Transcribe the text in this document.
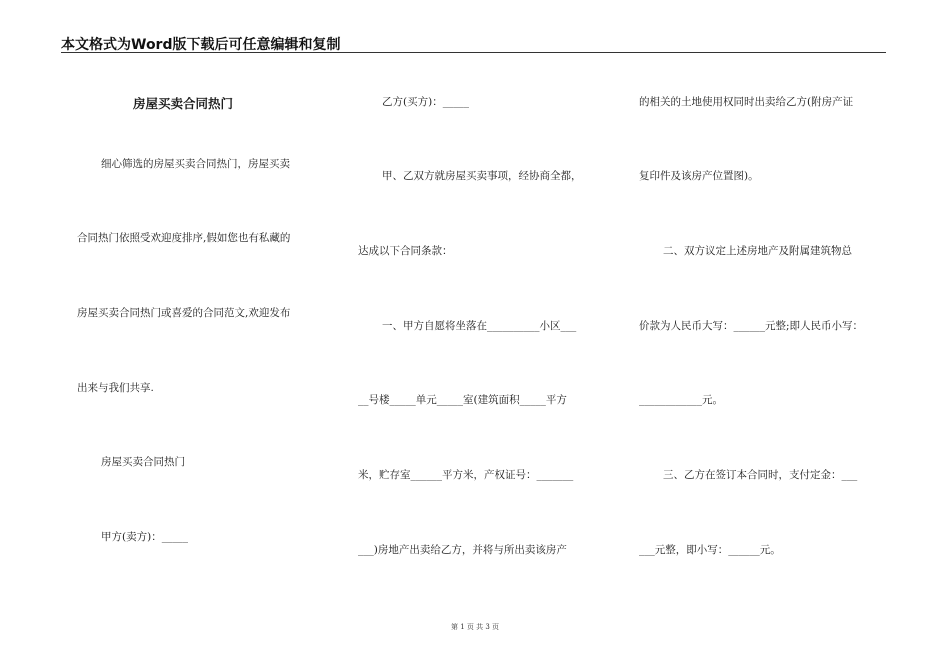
本文格式为Word版下载后可任意编辑和复制
房屋买卖合同热门
细心筛选的房屋买卖合同热门，房屋买卖
合同热门依照受欢迎度排序,假如您也有私藏的
房屋买卖合同热门或喜爱的合同范文,欢迎发布
出来与我们共享.
房屋买卖合同热门
甲方(卖方)：_____
乙方(买方)：_____
甲、乙双方就房屋买卖事项，经协商全都，
达成以下合同条款：
一、甲方自愿将坐落在__________小区___
__号楼_____单元_____室(建筑面积_____平方
米，贮存室______平方米，产权证号：_______
___)房地产出卖给乙方，并将与所出卖该房产
的相关的土地使用权同时出卖给乙方(附房产证
复印件及该房产位置图)。
二、双方议定上述房地产及附属建筑物总
价款为人民币大写：______元整;即人民币小写：
____________元。
三、乙方在签订本合同时，支付定金：___
___元整，即小写：______元。
第 1 页 共 3 页
